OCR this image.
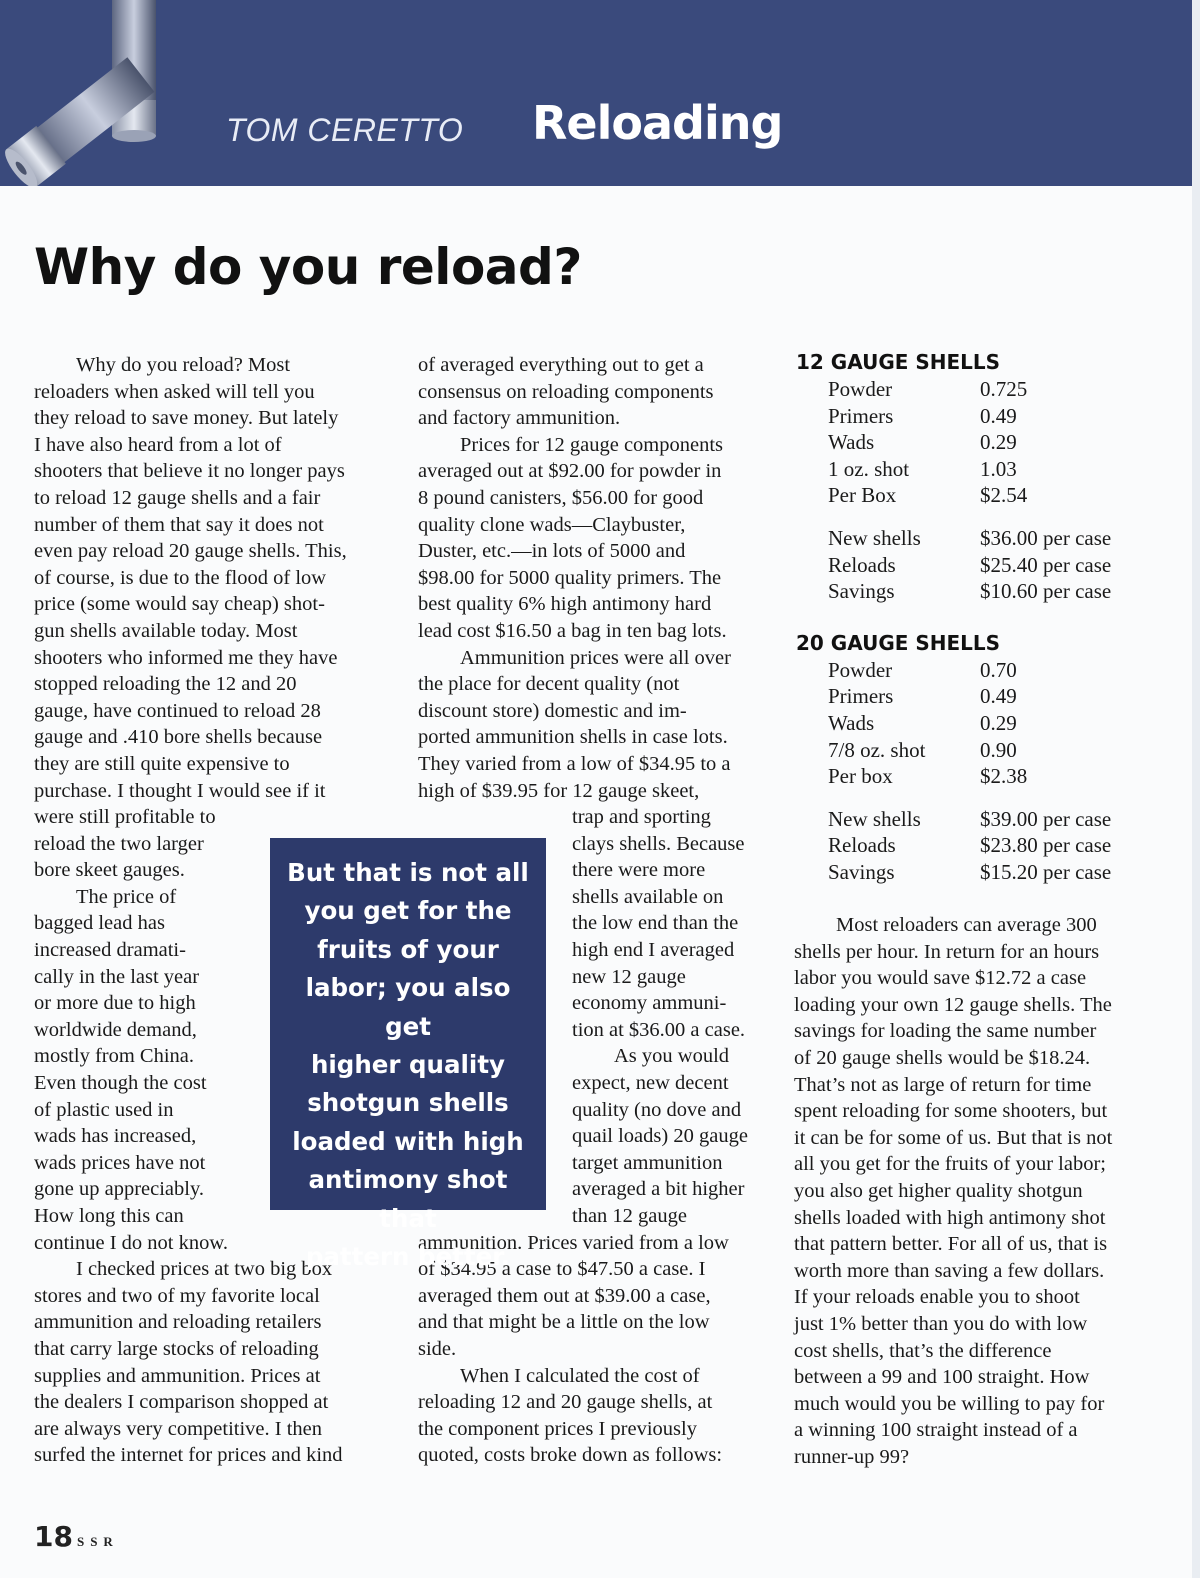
TOM CERETTO Reloading
Why do you reload?
Why do you reload? Most
reloaders when asked will tell you
they reload to save money. But lately
I have also heard from a lot of
shooters that believe it no longer pays
to reload 12 gauge shells and a fair
number of them that say it does not
even pay reload 20 gauge shells. This,
of course, is due to the flood of low
price (some would say cheap) shot-
gun shells available today. Most
shooters who informed me they have
stopped reloading the 12 and 20
gauge, have continued to reload 28
gauge and .410 bore shells because
they are still quite expensive to
purchase. I thought I would see if it
were still profitable to
reload the two larger
bore skeet gauges.
The price of
bagged lead has
increased dramati-
cally in the last year
or more due to high
worldwide demand,
mostly from China.
Even though the cost
of plastic used in
wads has increased,
wads prices have not
gone up appreciably.
How long this can
continue I do not know.
I checked prices at two big box
stores and two of my favorite local
ammunition and reloading retailers
that carry large stocks of reloading
supplies and ammunition. Prices at
the dealers I comparison shopped at
are always very competitive. I then
surfed the internet for prices and kind
of averaged everything out to get a
consensus on reloading components
and factory ammunition.
Prices for 12 gauge components
averaged out at $92.00 for powder in
8 pound canisters, $56.00 for good
quality clone wads—Claybuster,
Duster, etc.—in lots of 5000 and
$98.00 for 5000 quality primers. The
best quality 6% high antimony hard
lead cost $16.50 a bag in ten bag lots.
Ammunition prices were all over
the place for decent quality (not
discount store) domestic and im-
ported ammunition shells in case lots.
They varied from a low of $34.95 to a
high of $39.95 for 12 gauge skeet,
trap and sporting
clays shells. Because
there were more
shells available on
the low end than the
high end I averaged
new 12 gauge
economy ammuni-
tion at $36.00 a case.
As you would
expect, new decent
quality (no dove and
quail loads) 20 gauge
target ammunition
averaged a bit higher
than 12 gauge
ammunition. Prices varied from a low
of $34.95 a case to $47.50 a case. I
averaged them out at $39.00 a case,
and that might be a little on the low
side.
When I calculated the cost of
reloading 12 and 20 gauge shells, at
the component prices I previously
quoted, costs broke down as follows:
But that is not all
you get for the
fruits of your
labor; you also get
higher quality
shotgun shells
loaded with high
antimony shot that
pattern better.
12 GAUGE SHELLS
Powder	0.725
Primers	0.49
Wads	0.29
1 oz. shot	1.03
Per Box	$2.54
New shells	$36.00 per case
Reloads	$25.40 per case
Savings	$10.60 per case
20 GAUGE SHELLS
Powder	0.70
Primers	0.49
Wads	0.29
7/8 oz. shot	0.90
Per box	$2.38
New shells	$39.00 per case
Reloads	$23.80 per case
Savings	$15.20 per case
Most reloaders can average 300
shells per hour. In return for an hours
labor you would save $12.72 a case
loading your own 12 gauge shells. The
savings for loading the same number
of 20 gauge shells would be $18.24.
That’s not as large of return for time
spent reloading for some shooters, but
it can be for some of us. But that is not
all you get for the fruits of your labor;
you also get higher quality shotgun
shells loaded with high antimony shot
that pattern better. For all of us, that is
worth more than saving a few dollars.
If your reloads enable you to shoot
just 1% better than you do with low
cost shells, that’s the difference
between a 99 and 100 straight. How
much would you be willing to pay for
a winning 100 straight instead of a
runner-up 99?
18 SSR
